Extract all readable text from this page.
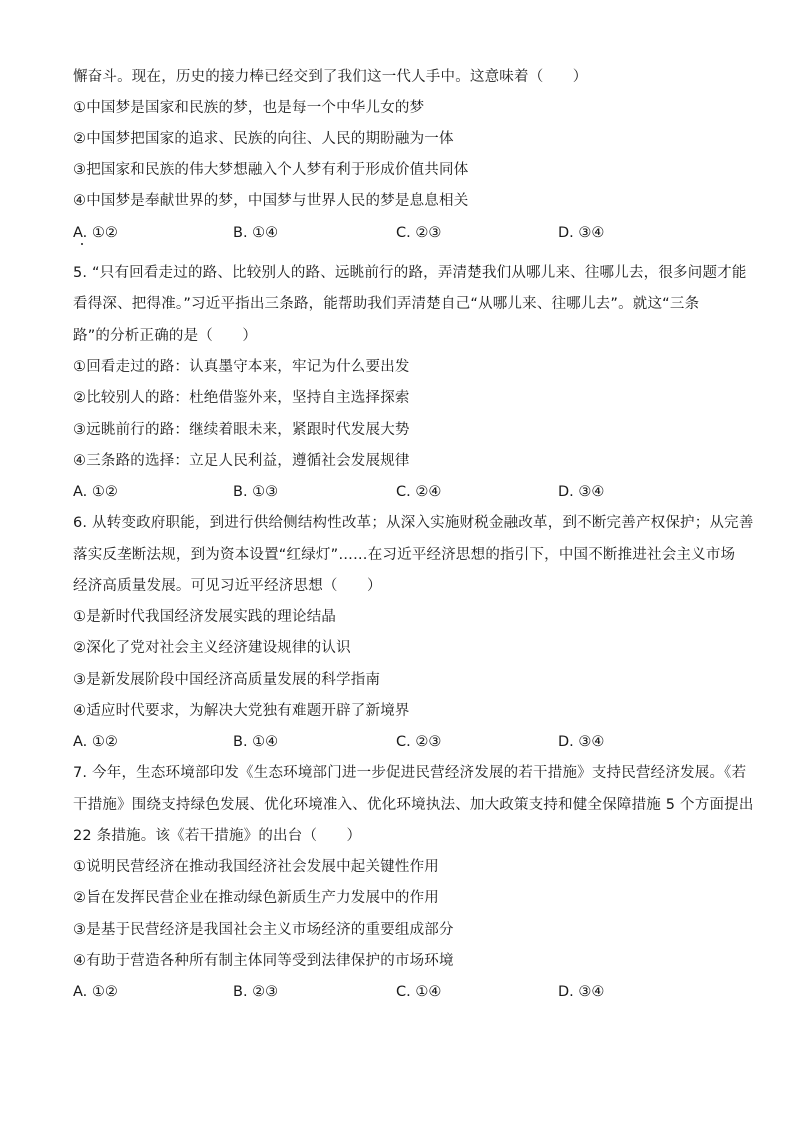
懈奋斗。现在，历史的接力棒已经交到了我们这一代人手中。这意味着（　　）
①中国梦是国家和民族的梦，也是每一个中华儿女的梦
②中国梦把国家的追求、民族的向往、人民的期盼融为一体
③把国家和民族的伟大梦想融入个人梦有利于形成价值共同体
④中国梦是奉献世界的梦，中国梦与世界人民的梦是息息相关
A. ①②	B. ①④	C. ②③	D. ③④
5. “只有回看走过的路、比较别人的路、远眺前行的路，弄清楚我们从哪儿来、往哪儿去，很多问题才能
看得深、把得准。”习近平指出三条路，能帮助我们弄清楚自己“从哪儿来、往哪儿去”。就这“三条
路”的分析正确的是（　　）
①回看走过的路：认真墨守本来，牢记为什么要出发
②比较别人的路：杜绝借鉴外来，坚持自主选择探索
③远眺前行的路：继续着眼未来，紧跟时代发展大势
④三条路的选择：立足人民利益，遵循社会发展规律
A. ①②	B. ①③	C. ②④	D. ③④
6. 从转变政府职能，到进行供给侧结构性改革；从深入实施财税金融改革，到不断完善产权保护；从完善
落实反垄断法规，到为资本设置“红绿灯”……在习近平经济思想的指引下，中国不断推进社会主义市场
经济高质量发展。可见习近平经济思想（　　）
①是新时代我国经济发展实践的理论结晶
②深化了党对社会主义经济建设规律的认识
③是新发展阶段中国经济高质量发展的科学指南
④适应时代要求，为解决大党独有难题开辟了新境界
A. ①②	B. ①④	C. ②③	D. ③④
7. 今年，生态环境部印发《生态环境部门进一步促进民营经济发展的若干措施》支持民营经济发展。《若
干措施》围绕支持绿色发展、优化环境准入、优化环境执法、加大政策支持和健全保障措施 5 个方面提出
22 条措施。该《若干措施》的出台（　　）
①说明民营经济在推动我国经济社会发展中起关键性作用
②旨在发挥民营企业在推动绿色新质生产力发展中的作用
③是基于民营经济是我国社会主义市场经济的重要组成部分
④有助于营造各种所有制主体同等受到法律保护的市场环境
A. ①②	B. ②③	C. ①④	D. ③④
